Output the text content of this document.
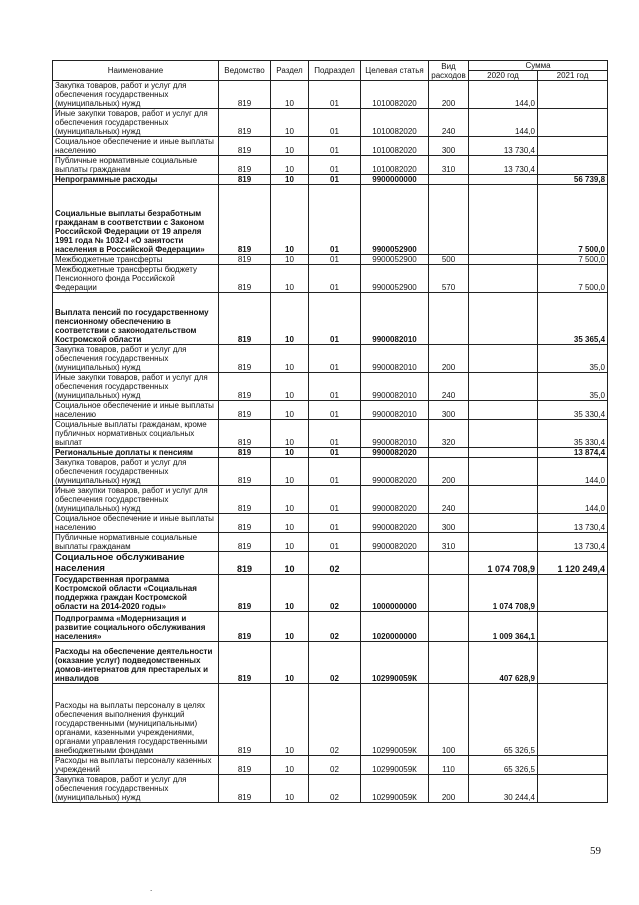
Наименование	Ведомство	Раздел	Подраздел	Целевая статья	Вид расходов	Сумма	
						2020 год	2021 год
Закупка товаров, работ и услуг для обеспечения государственных (муниципальных) нужд	819	10	01	1010082020	200	144,0	
Иные закупки товаров, работ и услуг для обеспечения государственных (муниципальных) нужд	819	10	01	1010082020	240	144,0	
Социальное обеспечение и иные выплаты населению	819	10	01	1010082020	300	13 730,4	
Публичные нормативные социальные выплаты гражданам	819	10	01	1010082020	310	13 730,4	
Непрограммные расходы	819	10	01	9900000000			56 739,8
Социальные выплаты безработным гражданам в соответствии с Законом Российской Федерации от 19 апреля 1991 года № 1032-I «О занятости населения в Российской Федерации»	819	10	01	9900052900			7 500,0
Межбюджетные трансферты	819	10	01	9900052900	500		7 500,0
Межбюджетные трансферты бюджету Пенсионного фонда Российской Федерации	819	10	01	9900052900	570		7 500,0
Выплата пенсий по государственному пенсионному обеспечению в соответствии с законодательством Костромской области	819	10	01	9900082010			35 365,4
Закупка товаров, работ и услуг для обеспечения государственных (муниципальных) нужд	819	10	01	9900082010	200		35,0
Иные закупки товаров, работ и услуг для обеспечения государственных (муниципальных) нужд	819	10	01	9900082010	240		35,0
Социальное обеспечение и иные выплаты населению	819	10	01	9900082010	300		35 330,4
Социальные выплаты гражданам, кроме публичных нормативных социальных выплат	819	10	01	9900082010	320		35 330,4
Региональные доплаты к пенсиям	819	10	01	9900082020			13 874,4
Закупка товаров, работ и услуг для обеспечения государственных (муниципальных) нужд	819	10	01	9900082020	200		144,0
Иные закупки товаров, работ и услуг для обеспечения государственных (муниципальных) нужд	819	10	01	9900082020	240		144,0
Социальное обеспечение и иные выплаты населению	819	10	01	9900082020	300		13 730,4
Публичные нормативные социальные выплаты гражданам	819	10	01	9900082020	310		13 730,4
Социальное обслуживание населения	819	10	02			1 074 708,9	1 120 249,4
Государственная программа Костромской области «Социальная поддержка граждан Костромской области на 2014-2020 годы»	819	10	02	1000000000		1 074 708,9	
Подпрограмма «Модернизация и развитие социального обслуживания населения»	819	10	02	1020000000		1 009 364,1	
Расходы на обеспечение деятельности (оказание услуг) подведомственных домов-интернатов для престарелых и инвалидов	819	10	02	102990059К		407 628,9	
Расходы на выплаты персоналу в целях обеспечения выполнения функций государственными (муниципальными) органами, казенными учреждениями, органами управления государственными внебюджетными фондами	819	10	02	102990059К	100	65 326,5	
Расходы на выплаты персоналу казенных учреждений	819	10	02	102990059К	110	65 326,5	
Закупка товаров, работ и услуг для обеспечения государственных (муниципальных) нужд	819	10	02	102990059К	200	30 244,4	
59
.
